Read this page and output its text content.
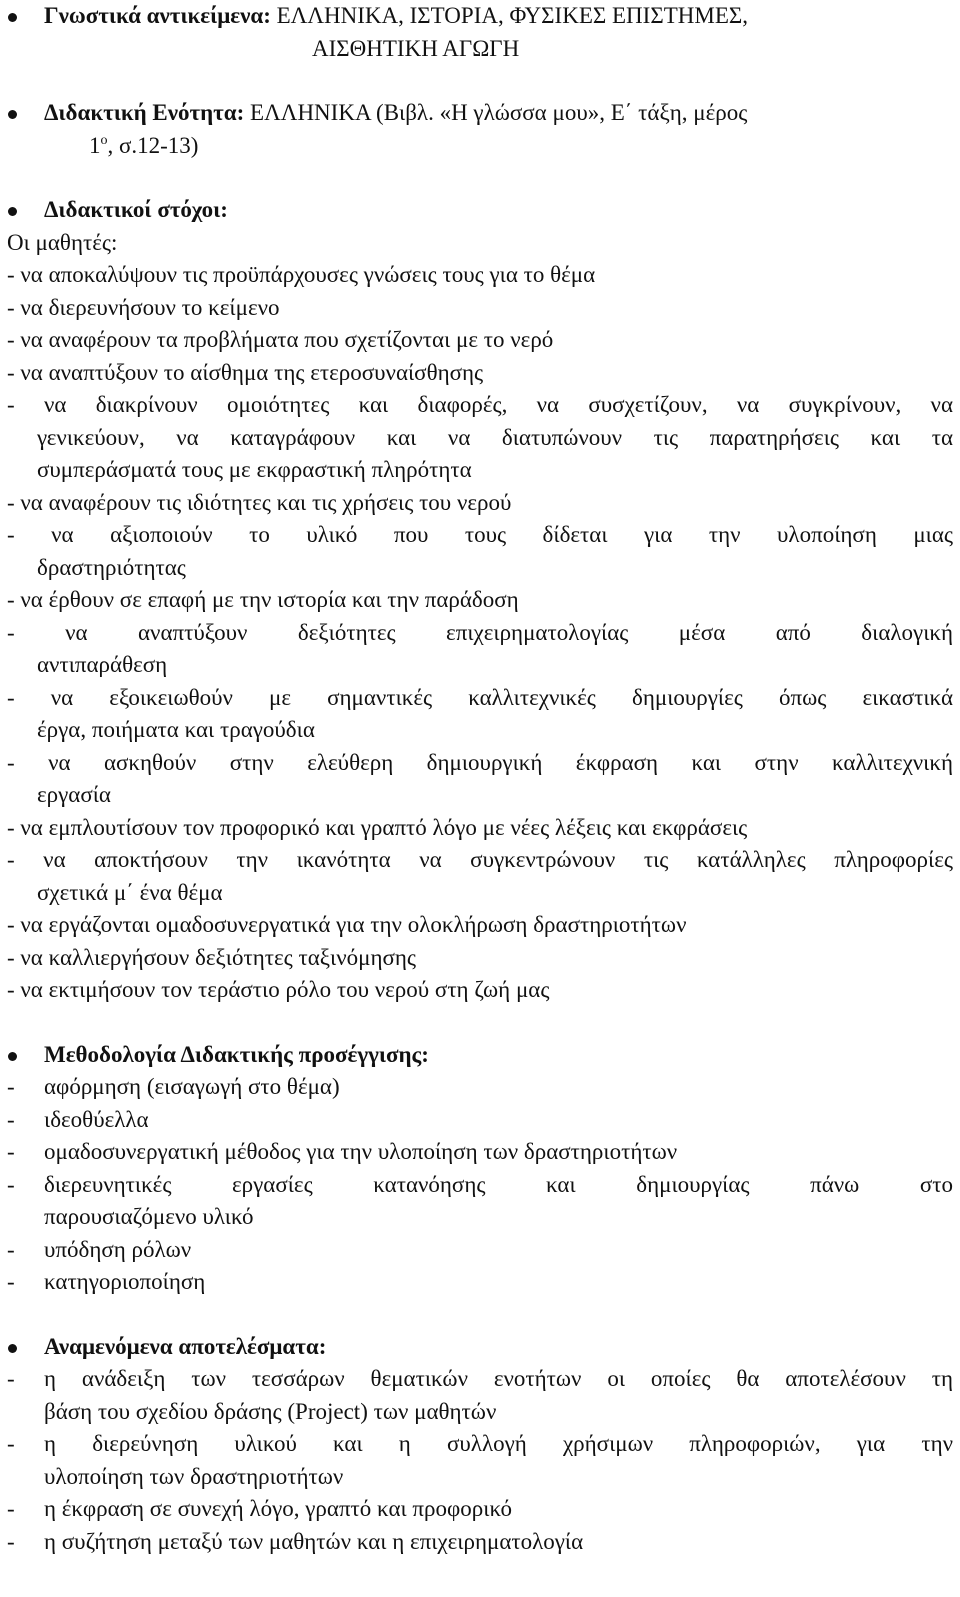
Γνωστικά αντικείμενα: ΕΛΛΗΝΙΚΑ, ΙΣΤΟΡΙΑ, ΦΥΣΙΚΕΣ ΕΠΙΣΤΗΜΕΣ,
ΑΙΣΘΗΤΙΚΗ ΑΓΩΓΗ
Διδακτική Ενότητα: ΕΛΛΗΝΙΚΑ (Βιβλ. «Η γλώσσα μου», Ε΄ τάξη, μέρος
$1^o$, σ.12-13)
Διδακτικοί στόχοι:
Οι μαθητές:
- να αποκαλύψουν τις προϋπάρχουσες γνώσεις τους για το θέμα
- να διερευνήσουν το κείμενο
- να αναφέρουν τα προβλήματα που σχετίζονται με το νερό
- να αναπτύξουν το αίσθημα της ετεροσυναίσθησης
- να διακρίνουν ομοιότητες και διαφορές, να συσχετίζουν, να συγκρίνουν, να
γενικεύουν, να καταγράφουν και να διατυπώνουν τις παρατηρήσεις και τα
συμπεράσματά τους με εκφραστική πληρότητα
- να αναφέρουν τις ιδιότητες και τις χρήσεις του νερού
- να αξιοποιούν το υλικό που τους δίδεται για την υλοποίηση μιας
δραστηριότητας
- να έρθουν σε επαφή με την ιστορία και την παράδοση
- να αναπτύξουν δεξιότητες επιχειρηματολογίας μέσα από διαλογική
αντιπαράθεση
- να εξοικειωθούν με σημαντικές καλλιτεχνικές δημιουργίες όπως εικαστικά
έργα, ποιήματα και τραγούδια
- να ασκηθούν στην ελεύθερη δημιουργική έκφραση και στην καλλιτεχνική
εργασία
- να εμπλουτίσουν τον προφορικό και γραπτό λόγο με νέες λέξεις και εκφράσεις
- να αποκτήσουν την ικανότητα να συγκεντρώνουν τις κατάλληλες πληροφορίες
σχετικά μ΄ ένα θέμα
- να εργάζονται ομαδοσυνεργατικά για την ολοκλήρωση δραστηριοτήτων
- να καλλιεργήσουν δεξιότητες ταξινόμησης
- να εκτιμήσουν τον τεράστιο ρόλο του νερού στη ζωή μας
Μεθοδολογία Διδακτικής προσέγγισης:
- αφόρμηση (εισαγωγή στο θέμα)
- ιδεοθύελλα
- ομαδοσυνεργατική μέθοδος για την υλοποίηση των δραστηριοτήτων
- διερευνητικές εργασίες κατανόησης και δημιουργίας πάνω στο
παρουσιαζόμενο υλικό
- υπόδηση ρόλων
- κατηγοριοποίηση
Αναμενόμενα αποτελέσματα:
- η ανάδειξη των τεσσάρων θεματικών ενοτήτων οι οποίες θα αποτελέσουν τη
βάση του σχεδίου δράσης (Project) των μαθητών
- η διερεύνηση υλικού και η συλλογή χρήσιμων πληροφοριών, για την
υλοποίηση των δραστηριοτήτων
- η έκφραση σε συνεχή λόγο, γραπτό και προφορικό
- η συζήτηση μεταξύ των μαθητών και η επιχειρηματολογία
